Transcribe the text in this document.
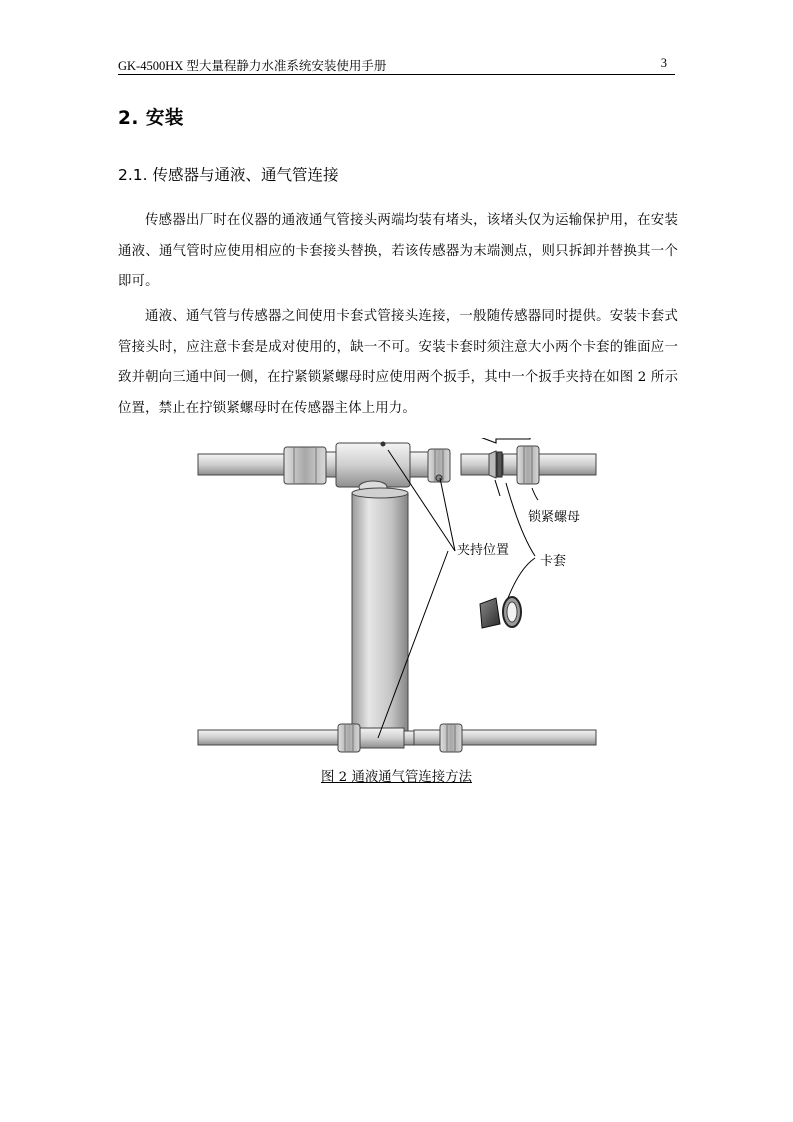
GK-4500HX 型大量程静力水准系统安装使用手册	3
2. 安装
2.1. 传感器与通液、通气管连接

传感器出厂时在仪器的通液通气管接头两端均装有堵头，该堵头仅为运输保护用，在安装通液、通气管时应使用相应的卡套接头替换，若该传感器为末端测点，则只拆卸并替换其一个即可。

通液、通气管与传感器之间使用卡套式管接头连接，一般随传感器同时提供。安装卡套式管接头时，应注意卡套是成对使用的，缺一不可。安装卡套时须注意大小两个卡套的锥面应一致并朝向三通中间一侧，在拧紧锁紧螺母时应使用两个扳手，其中一个扳手夹持在如图 2 所示位置，禁止在拧锁紧螺母时在传感器主体上用力。

锁紧螺母
夹持位置
卡套
图 2 通液通气管连接方法
